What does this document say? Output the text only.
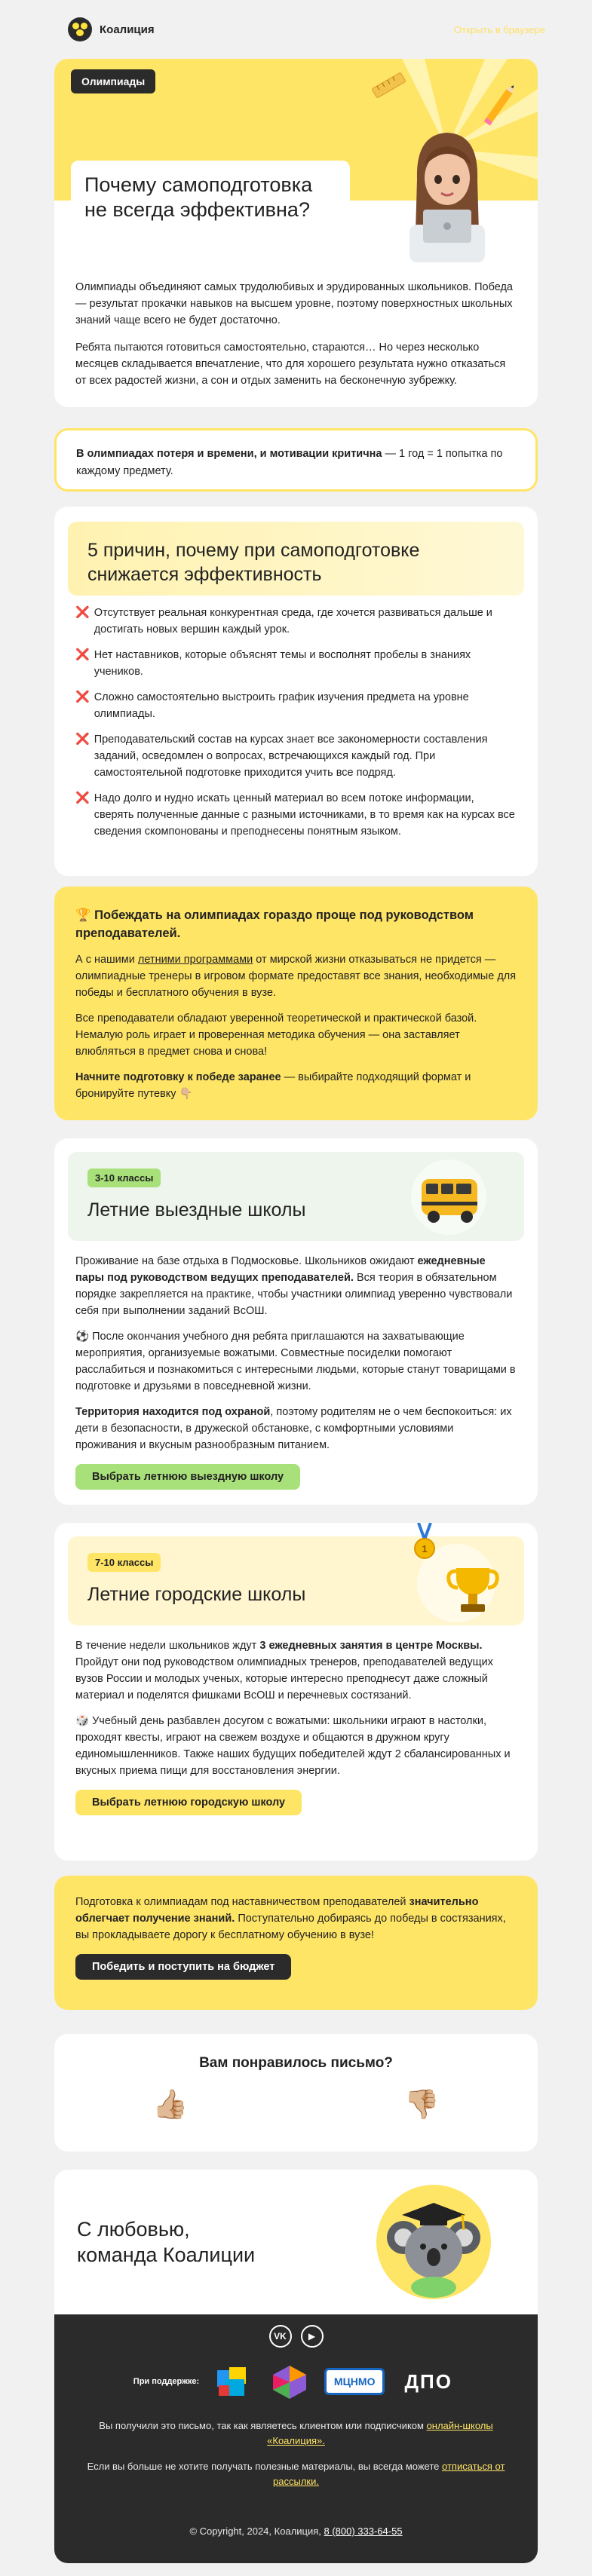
Коалиция	Открыть в браузере
Олимпиады
Почему самоподготовка не всегда эффективна?

Олимпиады объединяют самых трудолюбивых и эрудированных школьников. Победа — результат прокачки навыков на высшем уровне, поэтому поверхностных школьных знаний чаще всего не будет достаточно.

Ребята пытаются готовиться самостоятельно, стараются… Но через несколько месяцев складывается впечатление, что для хорошего результата нужно отказаться от всех радостей жизни, а сон и отдых заменить на бесконечную зубрежку.

В олимпиадах потеря и времени, и мотивации критична — 1 год = 1 попытка по каждому предмету.
5 причин, почему при самоподготовке снижается эффективность
❌ Отсутствует реальная конкурентная среда, где хочется развиваться дальше и достигать новых вершин каждый урок.
❌ Нет наставников, которые объяснят темы и восполнят пробелы в знаниях учеников.
❌ Сложно самостоятельно выстроить график изучения предмета на уровне олимпиады.
❌ Преподавательский состав на курсах знает все закономерности составления заданий, осведомлен о вопросах, встречающихся каждый год. При самостоятельной подготовке приходится учить все подряд.
❌ Надо долго и нудно искать ценный материал во всем потоке информации, сверять полученные данные с разными источниками, в то время как на курсах все сведения скомпонованы и преподнесены понятным языком.

🏆 Побеждать на олимпиадах гораздо проще под руководством преподавателей.

А с нашими летними программами от мирской жизни отказываться не придется — олимпиадные тренеры в игровом формате предоставят все знания, необходимые для победы и бесплатного обучения в вузе.

Все преподаватели обладают уверенной теоретической и практической базой. Немалую роль играет и проверенная методика обучения — она заставляет влюбляться в предмет снова и снова!

Начните подготовку к победе заранее — выбирайте подходящий формат и бронируйте путевку 👇🏼

3-10 классы
Летние выездные школы

Проживание на базе отдыха в Подмосковье. Школьников ожидают ежедневные пары под руководством ведущих преподавателей. Вся теория в обязательном порядке закрепляется на практике, чтобы участники олимпиад уверенно чувствовали себя при выполнении заданий ВсОШ.

⚽ После окончания учебного дня ребята приглашаются на захватывающие мероприятия, организуемые вожатыми. Совместные посиделки помогают расслабиться и познакомиться с интересными людьми, которые станут товарищами в подготовке и друзьями в повседневной жизни.

Территория находится под охраной, поэтому родителям не о чем беспокоиться: их дети в безопасности, в дружеской обстановке, с комфортными условиями проживания и вкусным разнообразным питанием.

Выбрать летнюю выездную школу
7-10 классы
Летние городские школы
1

В течение недели школьников ждут 3 ежедневных занятия в центре Москвы. Пройдут они под руководством олимпиадных тренеров, преподавателей ведущих вузов России и молодых ученых, которые интересно преподнесут даже сложный материал и поделятся фишками ВсОШ и перечневых состязаний.

🎲 Учебный день разбавлен досугом с вожатыми: школьники играют в настолки, проходят квесты, играют на свежем воздухе и общаются в дружном кругу единомышленников. Также наших будущих победителей ждут 2 сбалансированных и вкусных приема пищи для восстановления энергии.

Выбрать летнюю городскую школу

Подготовка к олимпиадам под наставничеством преподавателей значительно облегчает получение знаний. Поступательно добираясь до победы в состязаниях, вы прокладываете дорогу к бесплатному обучению в вузе!

Победить и поступить на бюджет

Вам понравилось письмо?

👍🏼	👎🏼

С любовью,
команда Коалиции

VK	▶
При поддержке:	МЦНМО	ДПО

Вы получили это письмо, так как являетесь клиентом или подписчиком онлайн-школы «Коалиция».

Если вы больше не хотите получать полезные материалы, вы всегда можете отписаться от рассылки.

© Copyright, 2024, Коалиция, 8 (800) 333-64-55
